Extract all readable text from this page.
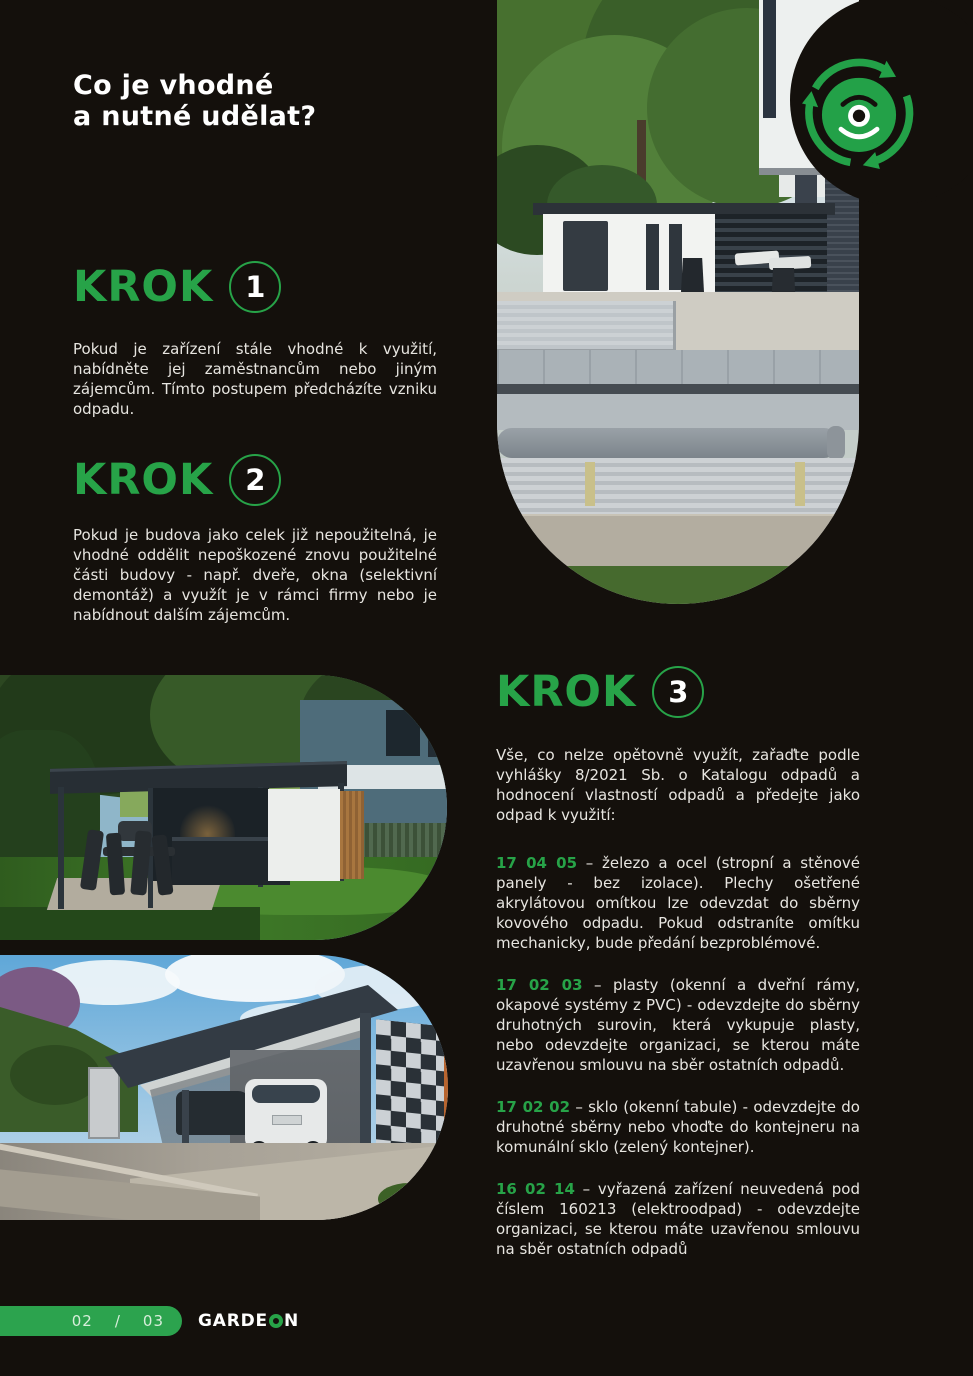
Co je vhodné
a nutné udělat?
KROK 1

Pokud je zařízení stále vhodné k využití, nabídněte jej zaměstnancům nebo jiným zájemcům. Tímto postupem předcházíte vzniku odpadu.

KROK 2

Pokud je budova jako celek již nepoužitelná, je vhodné oddělit nepoškozené znovu použitelné části budovy - např. dveře, okna (selektivní demontáž) a využít je v rámci firmy nebo je nabídnout dalším zájemcům.

KROK 3

Vše, co nelze opětovně využít, zařaďte podle vyhlášky 8/2021 Sb. o Katalogu odpadů a hodnocení vlastností odpadů a předejte jako odpad k využití:

17 04 05 – železo a ocel (stropní a stěnové panely - bez izolace). Plechy ošetřené akrylátovou omítkou lze odevzdat do sběrny kovového odpadu. Pokud odstraníte omítku mechanicky, bude předání bezproblémové.

17 02 03 – plasty (okenní a dveřní rámy, okapové systémy z PVC) - odevzdejte do sběrny druhotných surovin, která vykupuje plasty, nebo odevzdejte organizaci, se kterou máte uzavřenou smlouvu na sběr ostatních odpadů.

17 02 02 – sklo (okenní tabule) - odevzdejte do druhotné sběrny nebo vhoďte do kontejneru na komunální sklo (zelený kontejner).

16 02 14 – vyřazená zařízení neuvedená pod číslem 160213 (elektroodpad) - odevzdejte organizaci, se kterou máte uzavřenou smlouvu na sběr ostatních odpadů

02 / 03 GARDE N
